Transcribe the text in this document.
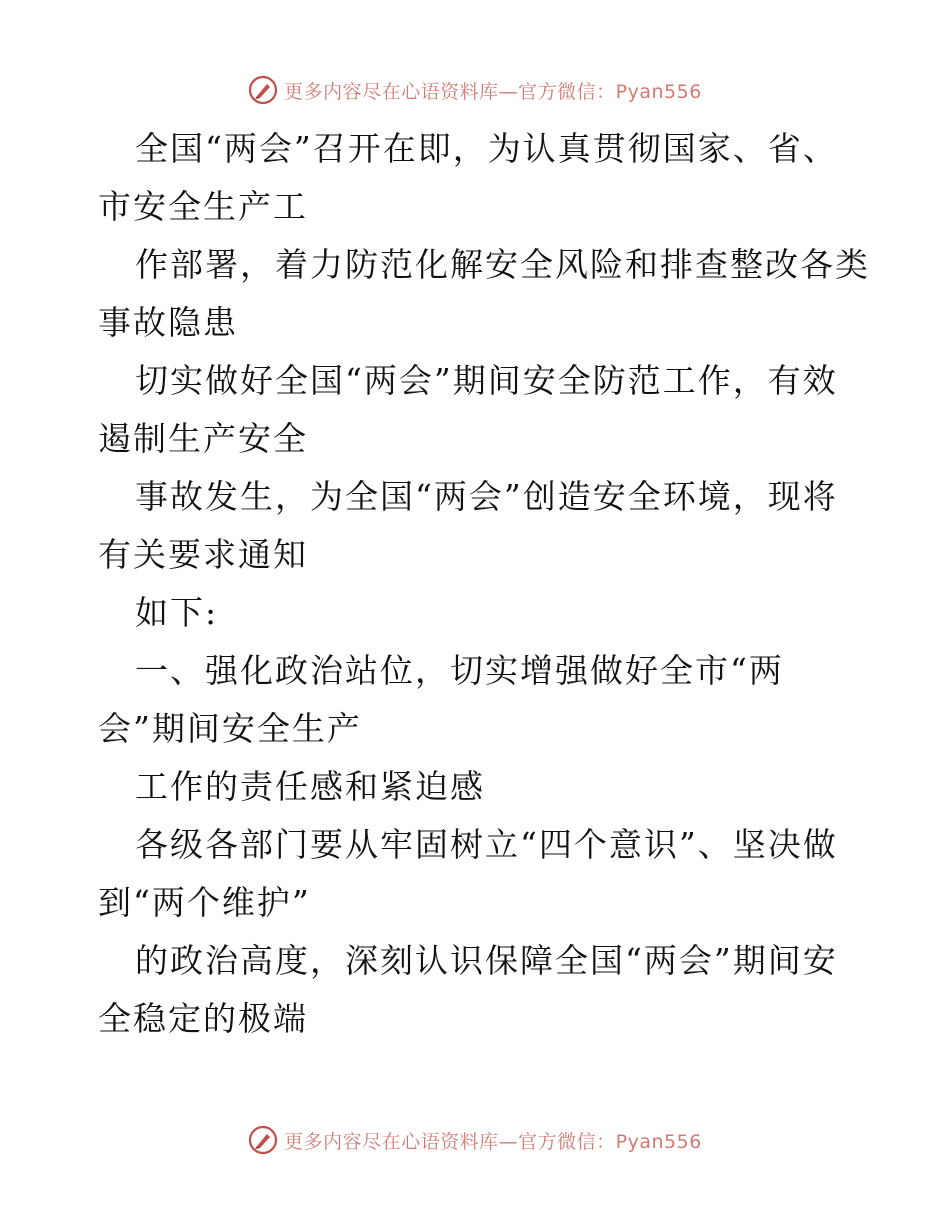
更多内容尽在心语资料库—官方微信：Pyan556
全国“两会”召开在即，为认真贯彻国家、省、
市安全生产工
作部署，着力防范化解安全风险和排查整改各类
事故隐患
切实做好全国“两会”期间安全防范工作，有效
遏制生产安全
事故发生，为全国“两会”创造安全环境，现将
有关要求通知
如下:
一、强化政治站位，切实增强做好全市“两
会”期间安全生产
工作的责任感和紧迫感
各级各部门要从牢固树立“四个意识”、坚决做
到“两个维护”
的政治高度，深刻认识保障全国“两会”期间安
全稳定的极端
更多内容尽在心语资料库—官方微信：Pyan556
